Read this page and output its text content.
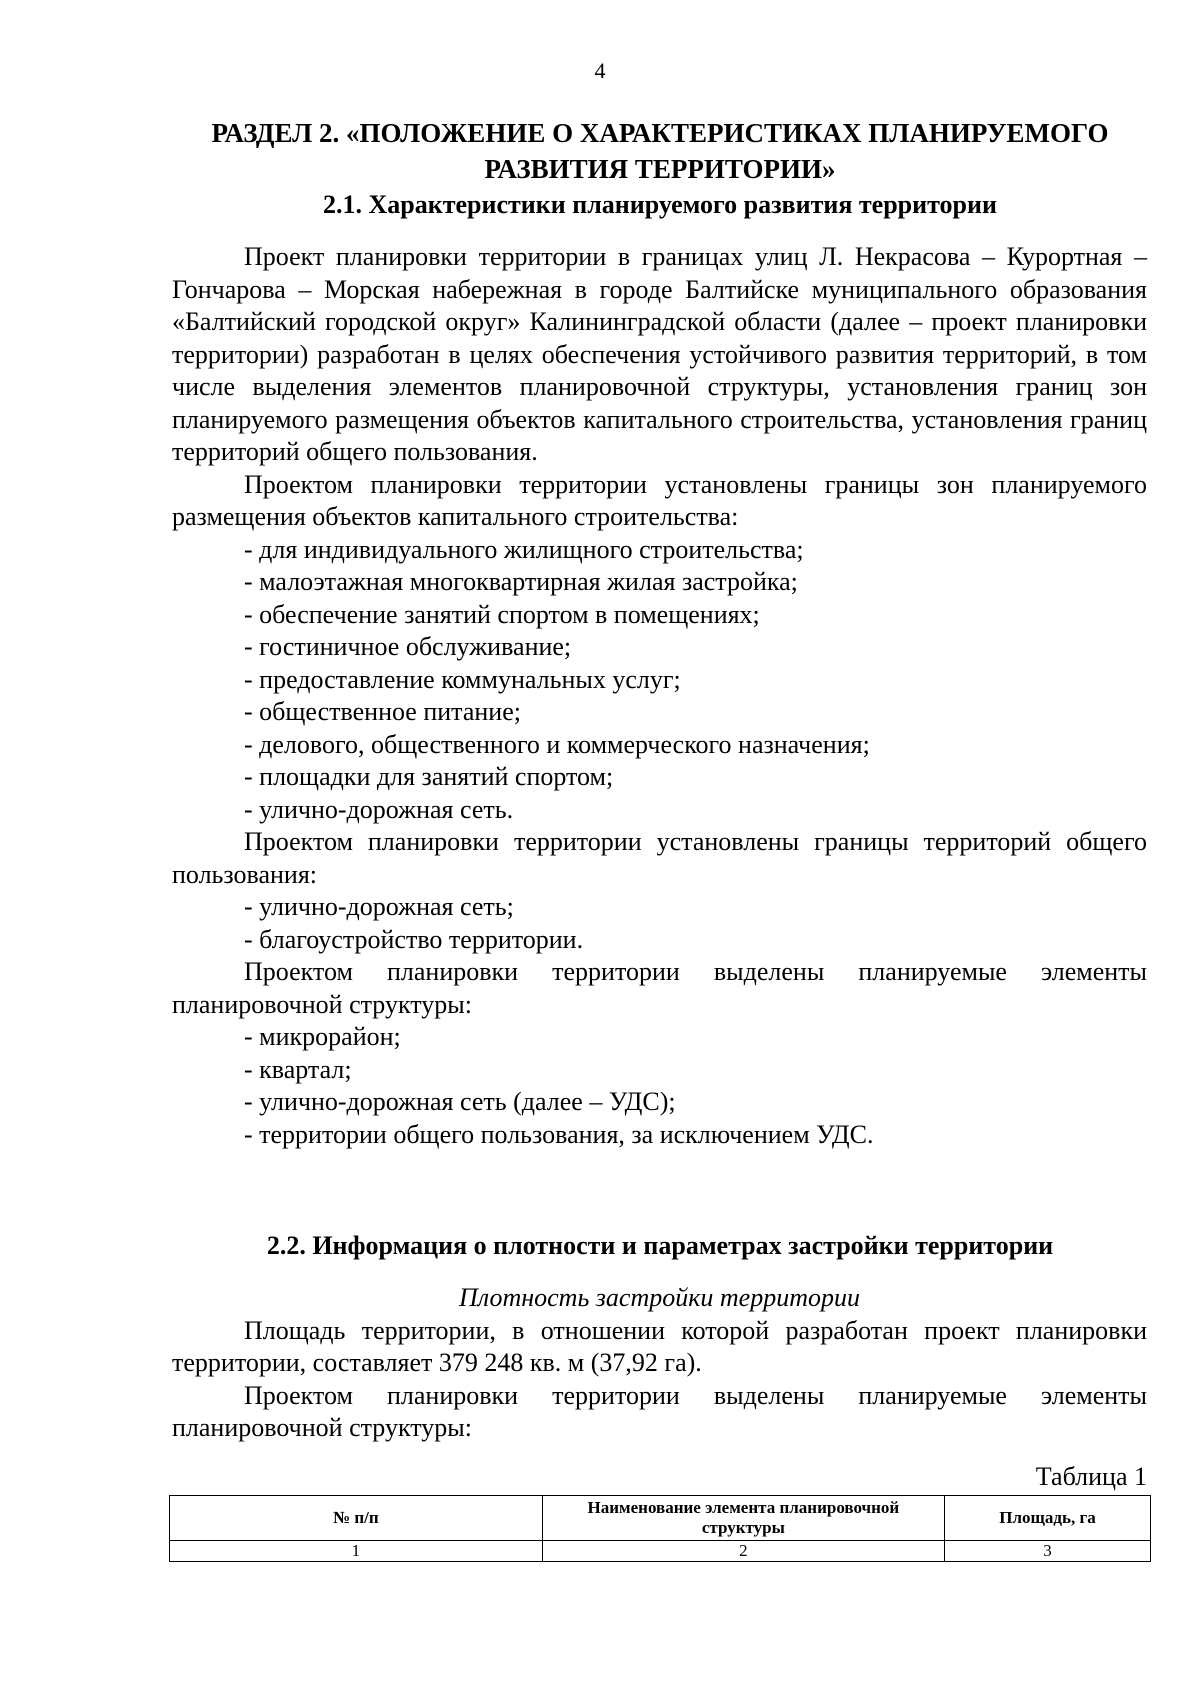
4
РАЗДЕЛ 2. «ПОЛОЖЕНИЕ О ХАРАКТЕРИСТИКАХ ПЛАНИРУЕМОГО
РАЗВИТИЯ ТЕРРИТОРИИ»
2.1. Характеристики планируемого развития территории

Проект планировки территории в границах улиц Л. Некрасова – Курортная – Гончарова – Морская набережная в городе Балтийске муниципального образования «Балтийский городской округ» Калининградской области (далее – проект планировки территории) разработан в целях обеспечения устойчивого развития территорий, в том числе выделения элементов планировочной структуры, установления границ зон планируемого размещения объектов капитального строительства, установления границ территорий общего пользования.

Проектом планировки территории установлены границы зон планируемого размещения объектов капитального строительства:

- для индивидуального жилищного строительства;

- малоэтажная многоквартирная жилая застройка;

- обеспечение занятий спортом в помещениях;

- гостиничное обслуживание;

- предоставление коммунальных услуг;

- общественное питание;

- делового, общественного и коммерческого назначения;

- площадки для занятий спортом;

- улично-дорожная сеть.

Проектом планировки территории установлены границы территорий общего пользования:

- улично-дорожная сеть;

- благоустройство территории.

Проектом планировки территории выделены планируемые элементы планировочной структуры:

- микрорайон;

- квартал;

- улично-дорожная сеть (далее – УДС);

- территории общего пользования, за исключением УДС.

2.2. Информация о плотности и параметрах застройки территории

Плотность застройки территории

Площадь территории, в отношении которой разработан проект планировки территории, составляет 379 248 кв. м (37,92 га).

Проектом планировки территории выделены планируемые элементы планировочной структуры:

Таблица 1
№ п/п	Наименование элемента планировочной структуры	Площадь, га
1	2	3
